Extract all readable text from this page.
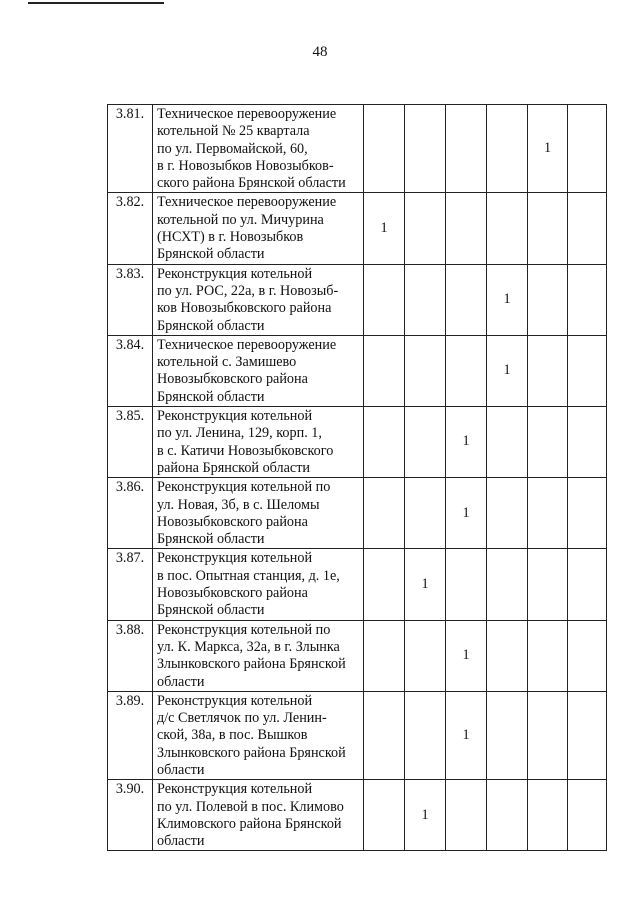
48
3.81.	Техническое перевооружение
котельной № 25 квартала
по ул. Первомайской, 60,
в г. Новозыбков Новозыбков-
ского района Брянской области					1	
3.82.	Техническое перевооружение
котельной по ул. Мичурина
(НСХТ) в г. Новозыбков
Брянской области	1					
3.83.	Реконструкция котельной
по ул. РОС, 22а, в г. Новозыб-
ков Новозыбковского района
Брянской области				1		
3.84.	Техническое перевооружение
котельной с. Замишево
Новозыбковского района
Брянской области				1		
3.85.	Реконструкция котельной
по ул. Ленина, 129, корп. 1,
в с. Катичи Новозыбковского
района Брянской области			1			
3.86.	Реконструкция котельной по
ул. Новая, 3б, в с. Шеломы
Новозыбковского района
Брянской области			1			
3.87.	Реконструкция котельной
в пос. Опытная станция, д. 1е,
Новозыбковского района
Брянской области		1				
3.88.	Реконструкция котельной по
ул. К. Маркса, 32а, в г. Злынка
Злынковского района Брянской
области			1			
3.89.	Реконструкция котельной
д/с Светлячок по ул. Ленин-
ской, 38а, в пос. Вышков
Злынковского района Брянской
области			1			
3.90.	Реконструкция котельной
по ул. Полевой в пос. Климово
Климовского района Брянской
области		1				
